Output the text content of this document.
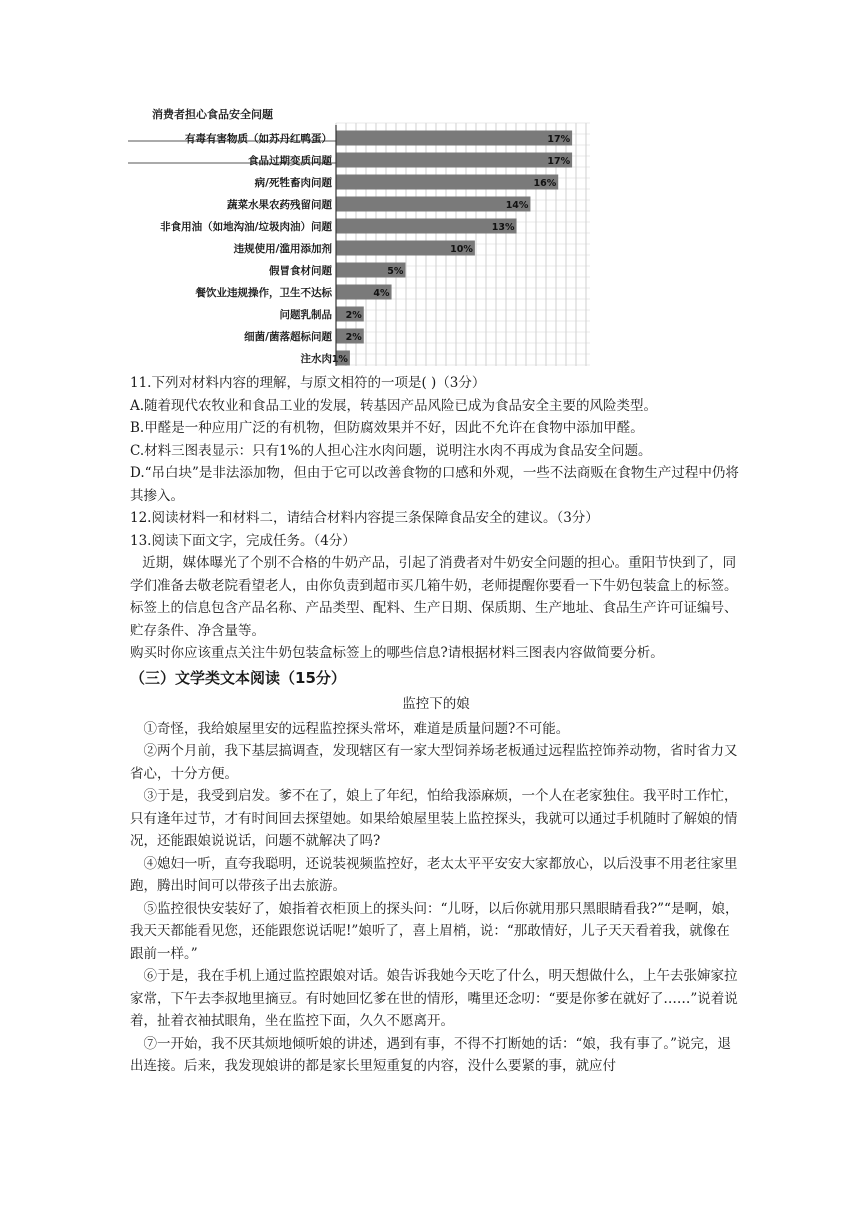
消费者担心食品安全问题
有毒有害物质（如苏丹红鸭蛋）	17%
食品过期变质问题	17%
病/死牲畜肉问题	16%
蔬菜水果农药残留问题	14%
非食用油（如地沟油/垃圾肉油）问题	13%
违规使用/滥用添加剂	10%
假冒食材问题	5%
餐饮业违规操作，卫生不达标	4%
问题乳制品 2%
细菌/菌落超标问题 2%
注水肉 1%

11.下列对材料内容的理解，与原文相符的一项是( )（3分）

A.随着现代农牧业和食品工业的发展，转基因产品风险已成为食品安全主要的风险类型。

B.甲醛是一种应用广泛的有机物，但防腐效果并不好，因此不允许在食物中添加甲醛。

C.材料三图表显示：只有1%的人担心注水肉问题，说明注水肉不再成为食品安全问题。

D.“吊白块”是非法添加物，但由于它可以改善食物的口感和外观，一些不法商贩在食物生产过程中仍将其掺入。

12.阅读材料一和材料二，请结合材料内容提三条保障食品安全的建议。（3分）

13.阅读下面文字，完成任务。（4分）

近期，媒体曝光了个别不合格的牛奶产品，引起了消费者对牛奶安全问题的担心。重阳节快到了，同学们准备去敬老院看望老人，由你负责到超市买几箱牛奶，老师提醒你要看一下牛奶包装盒上的标签。标签上的信息包含产品名称、产品类型、配料、生产日期、保质期、生产地址、食品生产许可证编号、贮存条件、净含量等。

购买时你应该重点关注牛奶包装盒标签上的哪些信息?请根据材料三图表内容做简要分析。

（三）文学类文本阅读（15分）

监控下的娘

①奇怪，我给娘屋里安的远程监控探头常坏，难道是质量问题?不可能。

②两个月前，我下基层搞调查，发现辖区有一家大型饲养场老板通过远程监控饰养动物，省时省力又省心，十分方便。

③于是，我受到启发。爹不在了，娘上了年纪，怕给我添麻烦，一个人在老家独住。我平时工作忙，只有逢年过节，才有时间回去探望她。如果给娘屋里装上监控探头，我就可以通过手机随时了解娘的情况，还能跟娘说说话，问题不就解决了吗?

④媳妇一听，直夸我聪明，还说装视频监控好，老太太平平安安大家都放心，以后没事不用老往家里跑，腾出时间可以带孩子出去旅游。

⑤监控很快安装好了，娘指着衣柜顶上的探头问：“儿呀，以后你就用那只黑眼睛看我?”“是啊，娘，我天天都能看见您，还能跟您说话呢!”娘听了，喜上眉梢，说：“那敢情好，儿子天天看着我，就像在跟前一样。”

⑥于是，我在手机上通过监控跟娘对话。娘告诉我她今天吃了什么，明天想做什么，上午去张婶家拉家常，下午去李叔地里摘豆。有时她回忆爹在世的情形，嘴里还念叨：“要是你爹在就好了……”说着说着，扯着衣袖拭眼角，坐在监控下面，久久不愿离开。

⑦一开始，我不厌其烦地倾听娘的讲述，遇到有事，不得不打断她的话：“娘，我有事了。”说完，退出连接。后来，我发现娘讲的都是家长里短重复的内容，没什么要紧的事，就应付
